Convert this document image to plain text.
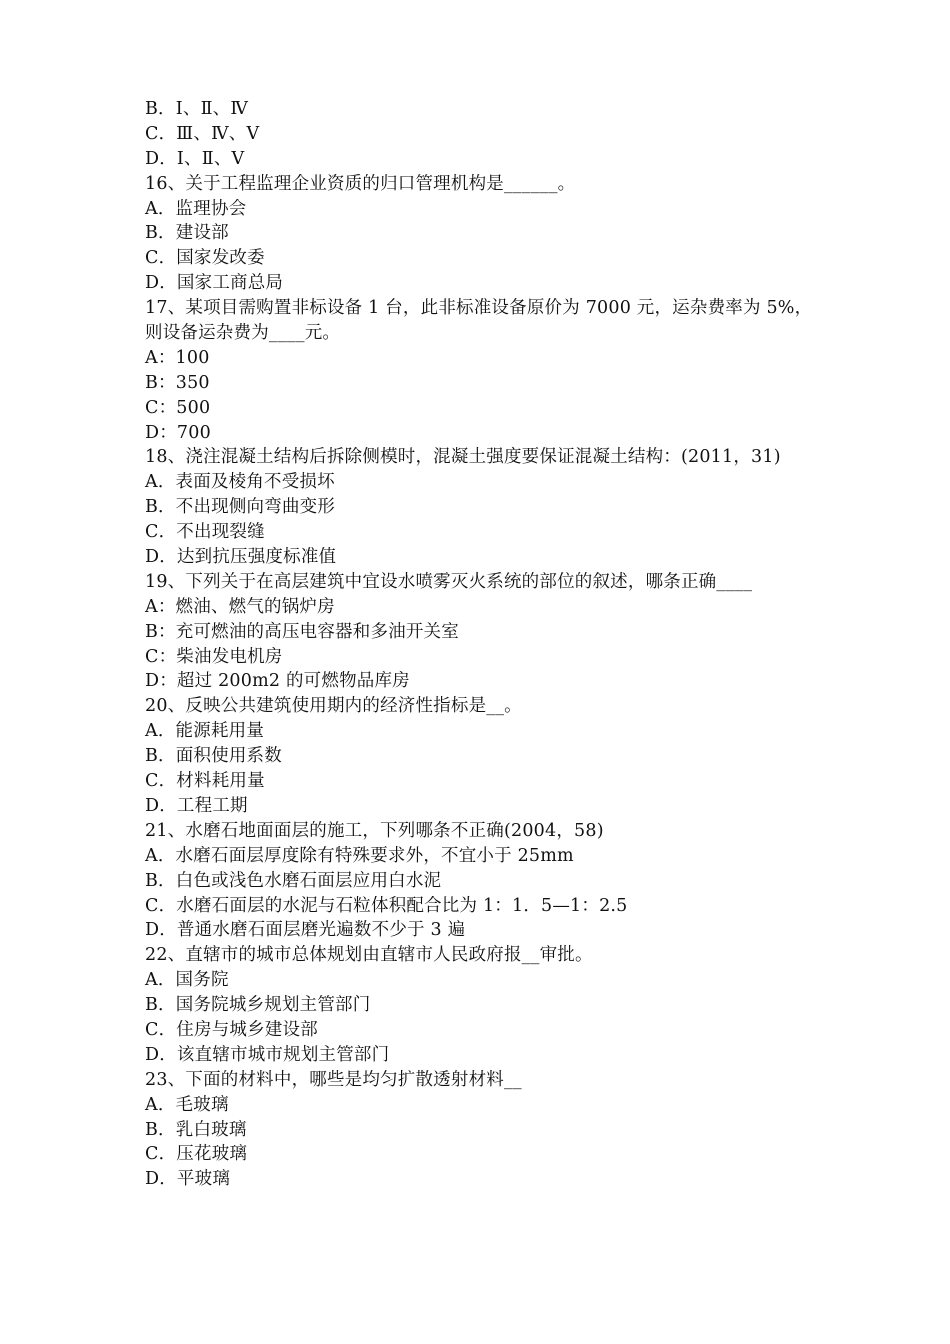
B．Ⅰ、Ⅱ、Ⅳ
C．Ⅲ、Ⅳ、Ⅴ
D．Ⅰ、Ⅱ、Ⅴ
16、关于工程监理企业资质的归口管理机构是______。
A．监理协会
B．建设部
C．国家发改委
D．国家工商总局
17、某项目需购置非标设备 1 台，此非标准设备原价为 7000 元，运杂费率为 5%，
则设备运杂费为____元。
A：100
B：350
C：500
D：700
18、浇注混凝土结构后拆除侧模时，混凝土强度要保证混凝土结构：(2011，31)
A．表面及棱角不受损坏
B．不出现侧向弯曲变形
C．不出现裂缝
D．达到抗压强度标准值
19、下列关于在高层建筑中宜设水喷雾灭火系统的部位的叙述，哪条正确____
A：燃油、燃气的锅炉房
B：充可燃油的高压电容器和多油开关室
C：柴油发电机房
D：超过 200m2 的可燃物品库房
20、反映公共建筑使用期内的经济性指标是__。
A．能源耗用量
B．面积使用系数
C．材料耗用量
D．工程工期
21、水磨石地面面层的施工，下列哪条不正确(2004，58)
A．水磨石面层厚度除有特殊要求外，不宜小于 25mm
B．白色或浅色水磨石面层应用白水泥
C．水磨石面层的水泥与石粒体积配合比为 1：1．5—1：2.5
D．普通水磨石面层磨光遍数不少于 3 遍
22、直辖市的城市总体规划由直辖市人民政府报__审批。
A．国务院
B．国务院城乡规划主管部门
C．住房与城乡建设部
D．该直辖市城市规划主管部门
23、下面的材料中，哪些是均匀扩散透射材料__
A．毛玻璃
B．乳白玻璃
C．压花玻璃
D．平玻璃
